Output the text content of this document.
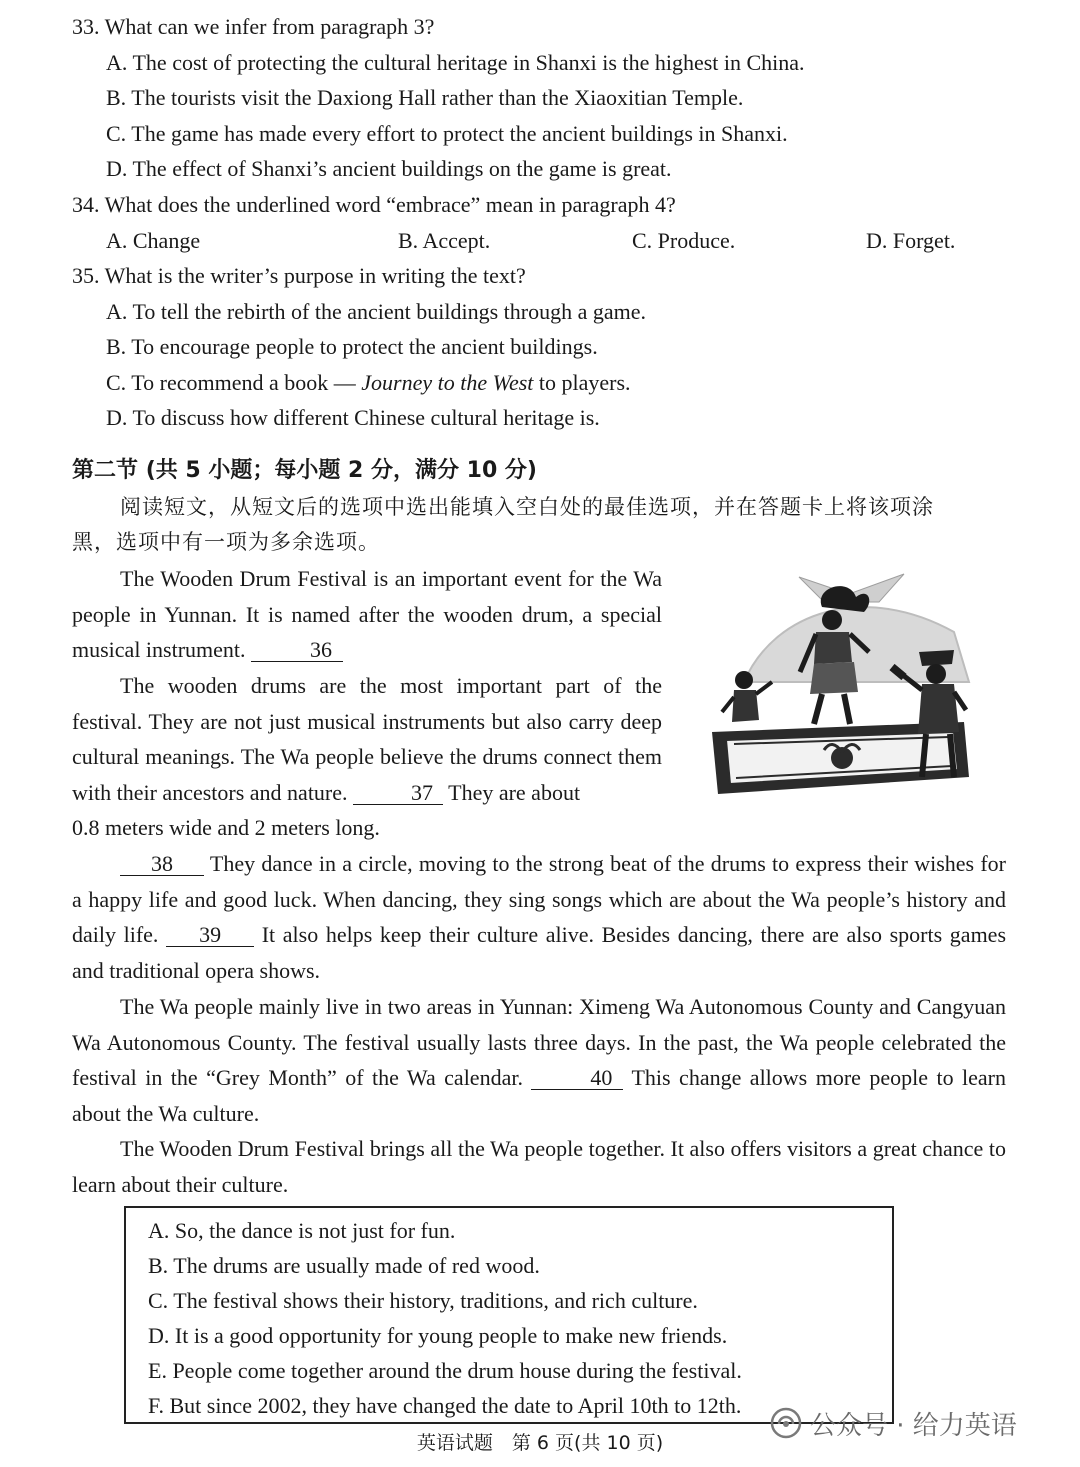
33. What can we infer from paragraph 3?
A. The cost of protecting the cultural heritage in Shanxi is the highest in China.
B. The tourists visit the Daxiong Hall rather than the Xiaoxitian Temple.
C. The game has made every effort to protect the ancient buildings in Shanxi.
D. The effect of Shanxi’s ancient buildings on the game is great.
34. What does the underlined word “embrace” mean in paragraph 4?
A. Change	B. Accept.	C. Produce.	D. Forget.
35. What is the writer’s purpose in writing the text?
A. To tell the rebirth of the ancient buildings through a game.
B. To encourage people to protect the ancient buildings.
C. To recommend a book — Journey to the West to players.
D. To discuss how different Chinese cultural heritage is.
第二节 (共 5 小题；每小题 2 分，满分 10 分)
阅读短文，从短文后的选项中选出能填入空白处的最佳选项，并在答题卡上将该项涂
黑，选项中有一项为多余选项。
The Wooden Drum Festival is an important event for the Wa people in Yunnan. It is named after the wooden drum, a special musical instrument.	36
The wooden drums are the most important part of the festival. They are not just musical instruments but also carry deep cultural meanings. The Wa people believe the drums connect them with their ancestors and nature.	37 They are about
0.8 meters wide and 2 meters long.
38 They dance in a circle, moving to the strong beat of the drums to express their wishes for a happy life and good luck. When dancing, they sing songs which are about the Wa people’s history and daily life. 39 It also helps keep their culture alive. Besides dancing, there are also sports games and traditional opera shows.
The Wa people mainly live in two areas in Yunnan: Ximeng Wa Autonomous County and Cangyuan Wa Autonomous County. The festival usually lasts three days. In the past, the Wa people celebrated the festival in the “Grey Month” of the Wa calendar.	40 This change allows more people to learn about the Wa culture.
The Wooden Drum Festival brings all the Wa people together. It also offers visitors a great chance to learn about their culture.
A. So, the dance is not just for fun.
B. The drums are usually made of red wood.
C. The festival shows their history, traditions, and rich culture.
D. It is a good opportunity for young people to make new friends.
E. People come together around the drum house during the festival.
F. But since 2002, they have changed the date to April 10th to 12th.
公众号 · 给力英语
英语试题　第 6 页(共 10 页)
